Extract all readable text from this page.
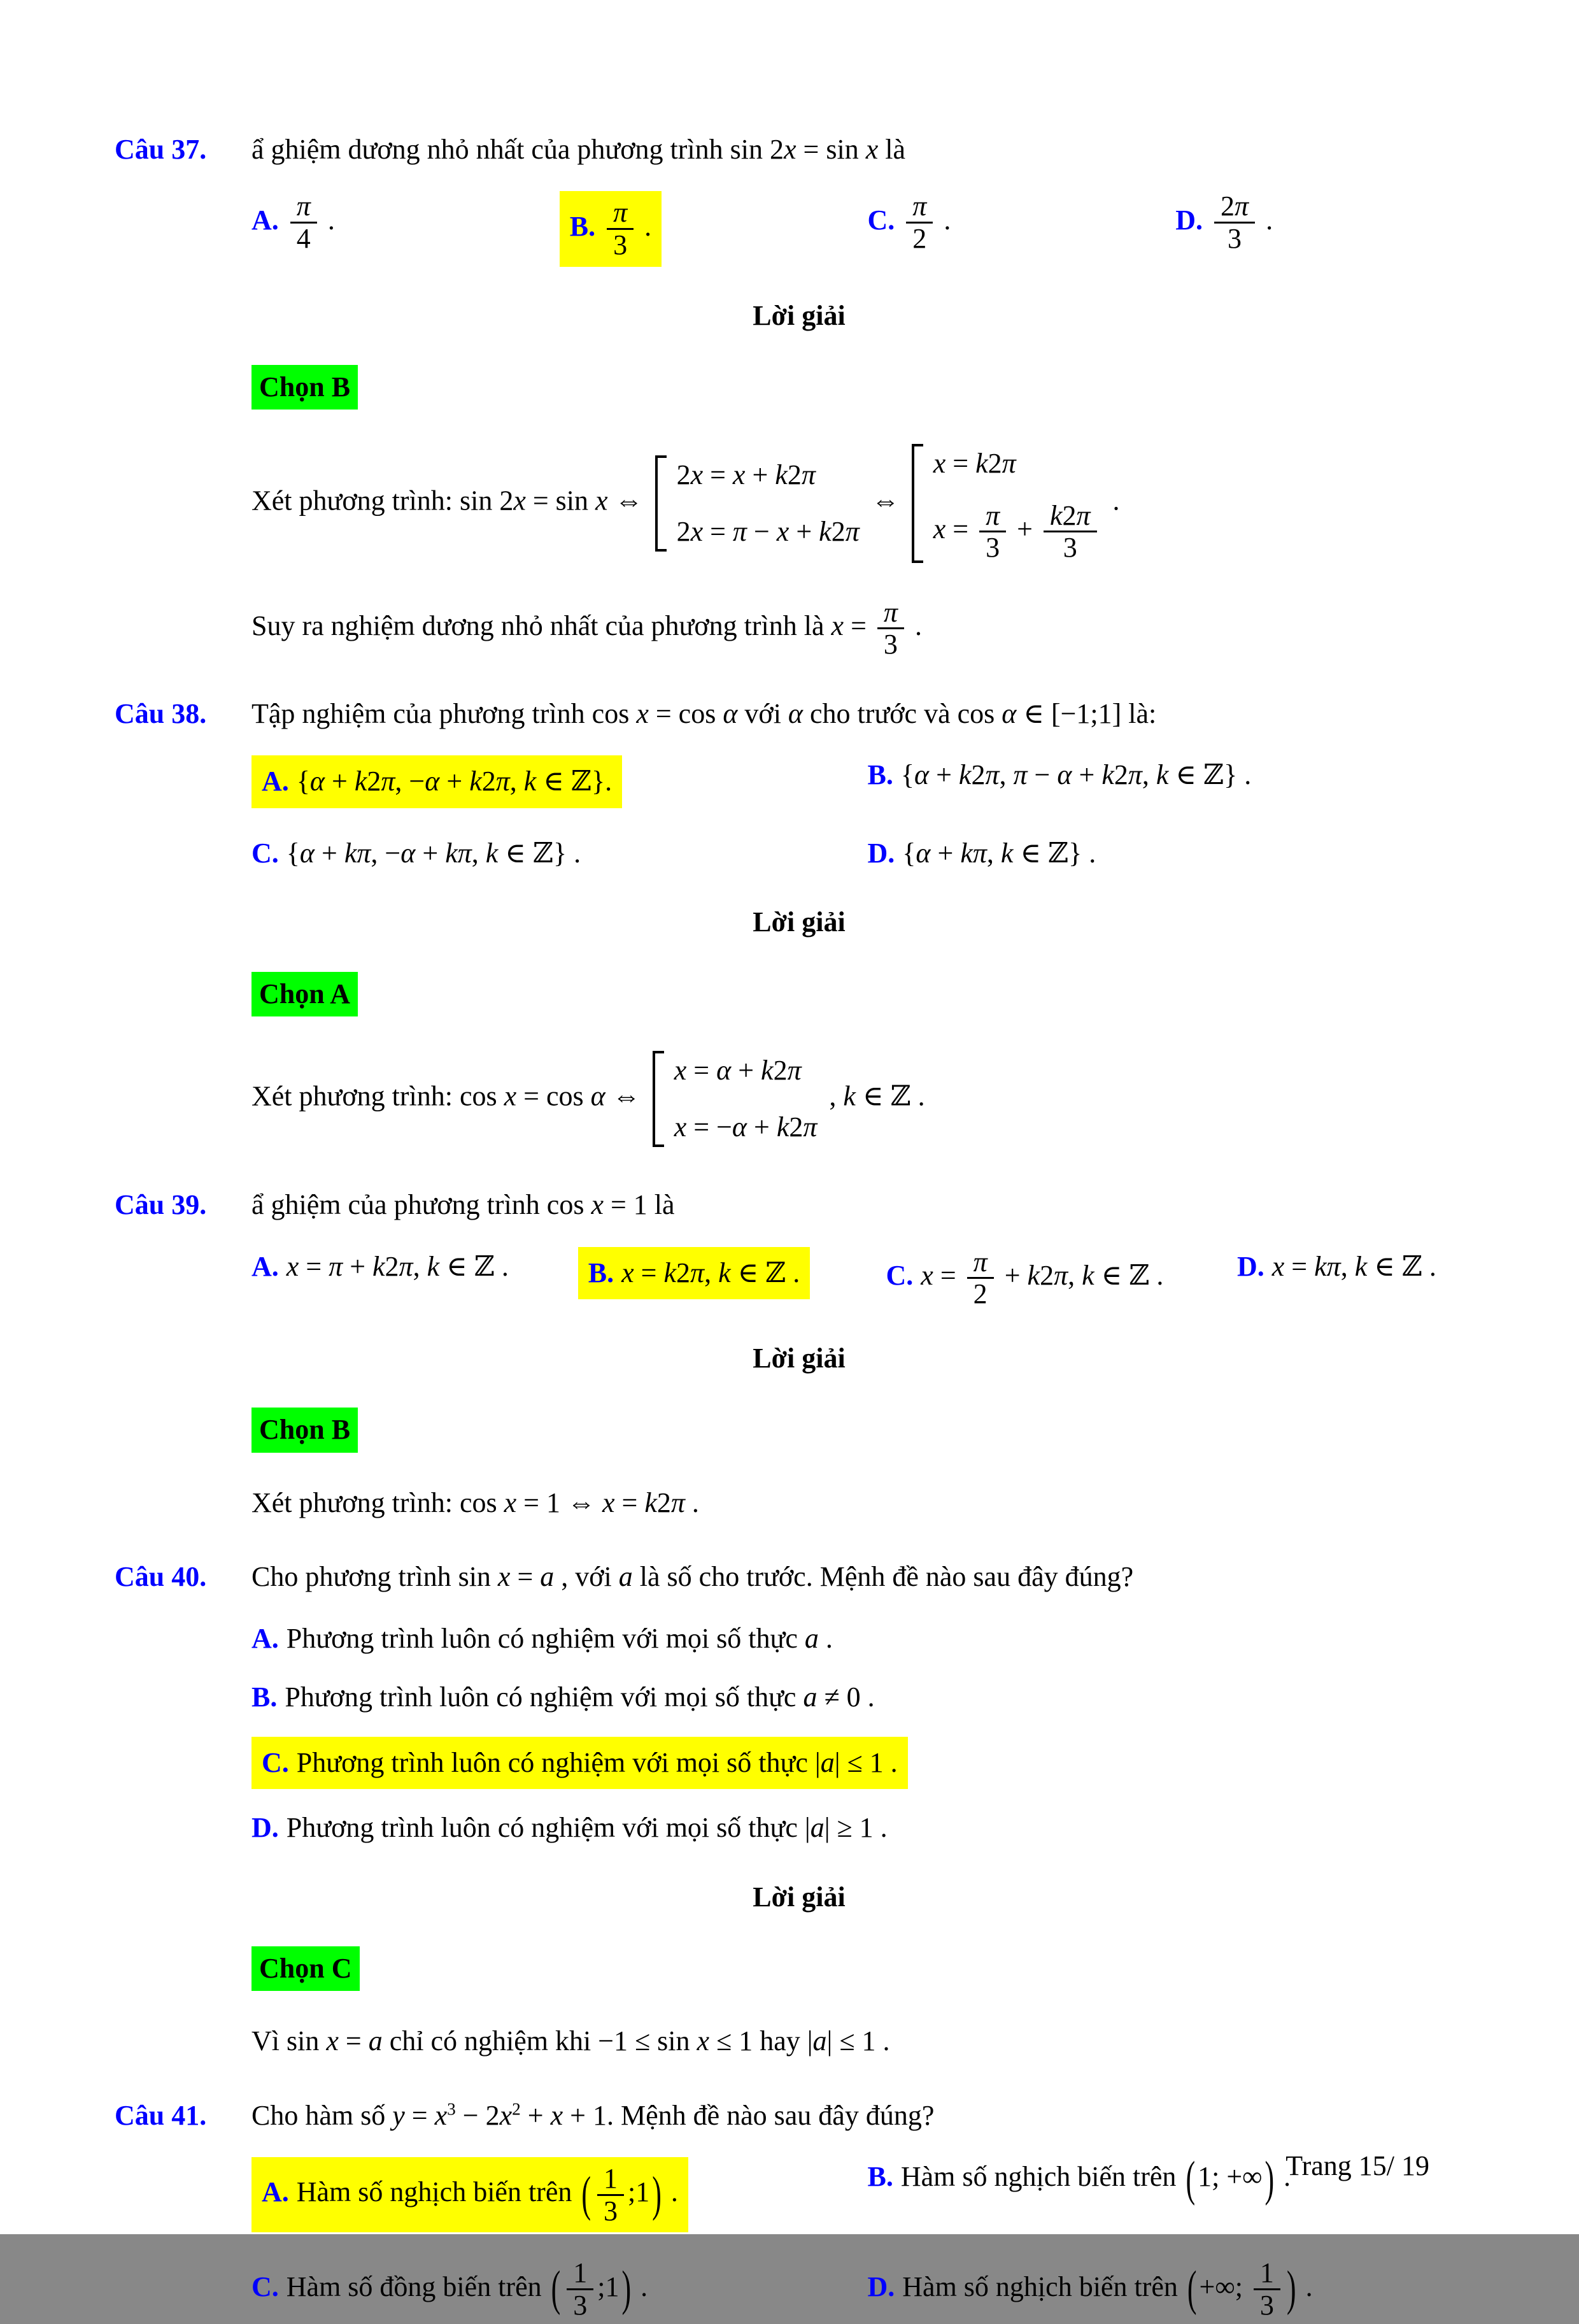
Câu 37.	ẩ ghiệm dương nhỏ nhất của phương trình sin 2x = sin x là
A. $\frac{\pi}{4}$ .	B. $\frac{\pi}{3}$ .	C. $\frac{\pi}{2}$ .	D. $\frac{2\pi}{3}$ .
Lời giải
Chọn B
Xét phương trình: sin 2x = sin x ⇔
2x = x + k2π
2x = π − x + k2π
⇔
x = k2π
$x = \frac{\pi}{3} + \frac{k2\pi}{3}$ .
Suy ra nghiệm dương nhỏ nhất của phương trình là $x = \frac{\pi}{3}$ .
Câu 38.	Tập nghiệm của phương trình cos x = cos α với α cho trước và cos α ∈ [−1;1] là:
A. {α + k2π, −α + k2π, k ∈ ℤ}.	B. {α + k2π, π − α + k2π, k ∈ ℤ} .
C. {α + kπ, −α + kπ, k ∈ ℤ} .	D. {α + kπ, k ∈ ℤ} .
Lời giải
Chọn A
Xét phương trình: cos x = cos α ⇔
x = α + k2π
x = −α + k2π
, k ∈ ℤ .
Câu 39.	ẩ ghiệm của phương trình cos x = 1 là
A. x = π + k2π, k ∈ ℤ .	B. x = k2π, k ∈ ℤ .	C. $x = \frac{\pi}{2} + k2\pi$, k ∈ ℤ .	D. x = kπ, k ∈ ℤ .
Lời giải
Chọn B
Xét phương trình: cos x = 1 ⇔ x = k2π .
Câu 40.	Cho phương trình sin x = a , với a là số cho trước. Mệnh đề nào sau đây đúng?
A. Phương trình luôn có nghiệm với mọi số thực a .
B. Phương trình luôn có nghiệm với mọi số thực a ≠ 0 .
C. Phương trình luôn có nghiệm với mọi số thực |a| ≤ 1 .
D. Phương trình luôn có nghiệm với mọi số thực |a| ≥ 1 .
Lời giải
Chọn C
Vì sin x = a chỉ có nghiệm khi −1 ≤ sin x ≤ 1 hay |a| ≤ 1 .
Câu 41.	Cho hàm số $y = x^3 - 2x^2 + x + 1$. Mệnh đề nào sau đây đúng?
A. Hàm số nghịch biến trên ( $\frac{1}{3}$ ;1) .	B. Hàm số nghịch biến trên (1; +∞) .
C. Hàm số đồng biến trên ( $\frac{1}{3}$ ;1) .	D. Hàm số nghịch biến trên (+∞; $\frac{1}{3}$ ) .
Trang 15/ 19
